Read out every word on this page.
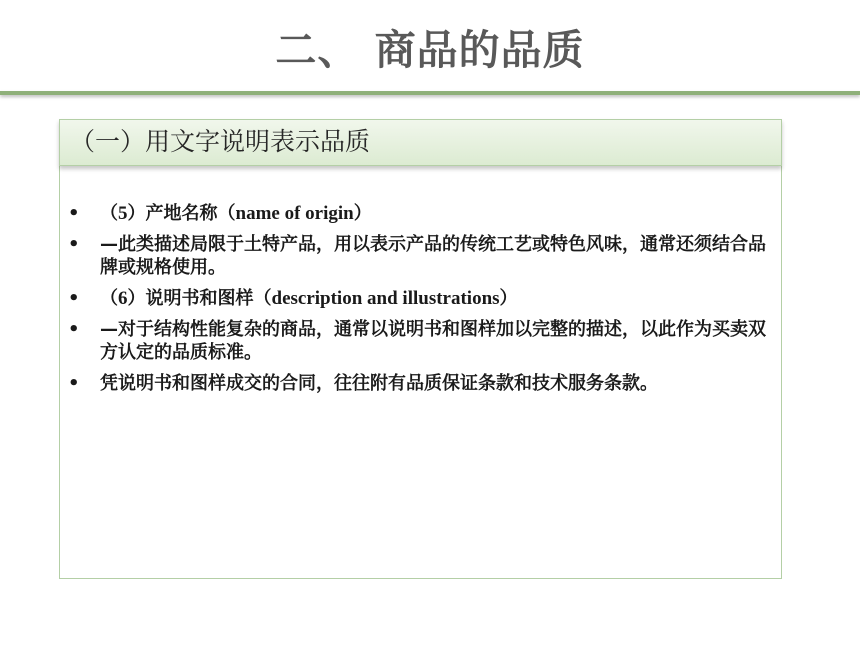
二、 商品的品质
（一）用文字说明表示品质
• （5）产地名称（name of origin）
• —此类描述局限于土特产品，用以表示产品的传统工艺或特色风味，通常还须结合品牌或规格使用。
• （6）说明书和图样（description and illustrations）
• —对于结构性能复杂的商品，通常以说明书和图样加以完整的描述，以此作为买卖双方认定的品质标准。
• 凭说明书和图样成交的合同，往往附有品质保证条款和技术服务条款。
